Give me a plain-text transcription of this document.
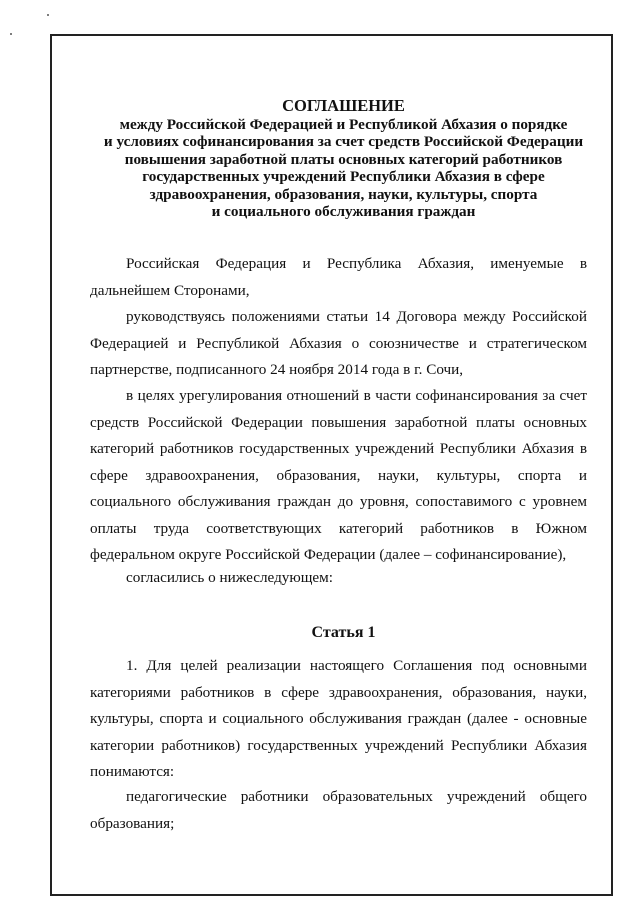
СОГЛАШЕНИЕ
между Российской Федерацией и Республикой Абхазия о порядке
и условиях софинансирования за счет средств Российской Федерации
повышения заработной платы основных категорий работников
государственных учреждений Республики Абхазия в сфере
здравоохранения, образования, науки, культуры, спорта
и социального обслуживания граждан

Российская Федерация и Республика Абхазия, именуемые в дальнейшем Сторонами,

руководствуясь положениями статьи 14 Договора между Российской Федерацией и Республикой Абхазия о союзничестве и стратегическом партнерстве, подписанного 24 ноября 2014 года в г. Сочи,

в целях урегулирования отношений в части софинансирования за счет средств Российской Федерации повышения заработной платы основных категорий работников государственных учреждений Республики Абхазия в сфере здравоохранения, образования, науки, культуры, спорта и социального обслуживания граждан до уровня, сопоставимого с уровнем оплаты труда соответствующих категорий работников в Южном федеральном округе Российской Федерации (далее – софинансирование),

согласились о нижеследующем:

Статья 1

1. Для целей реализации настоящего Соглашения под основными категориями работников в сфере здравоохранения, образования, науки, культуры, спорта и социального обслуживания граждан (далее - основные категории работников) государственных учреждений Республики Абхазия понимаются:

педагогические работники образовательных учреждений общего образования;
